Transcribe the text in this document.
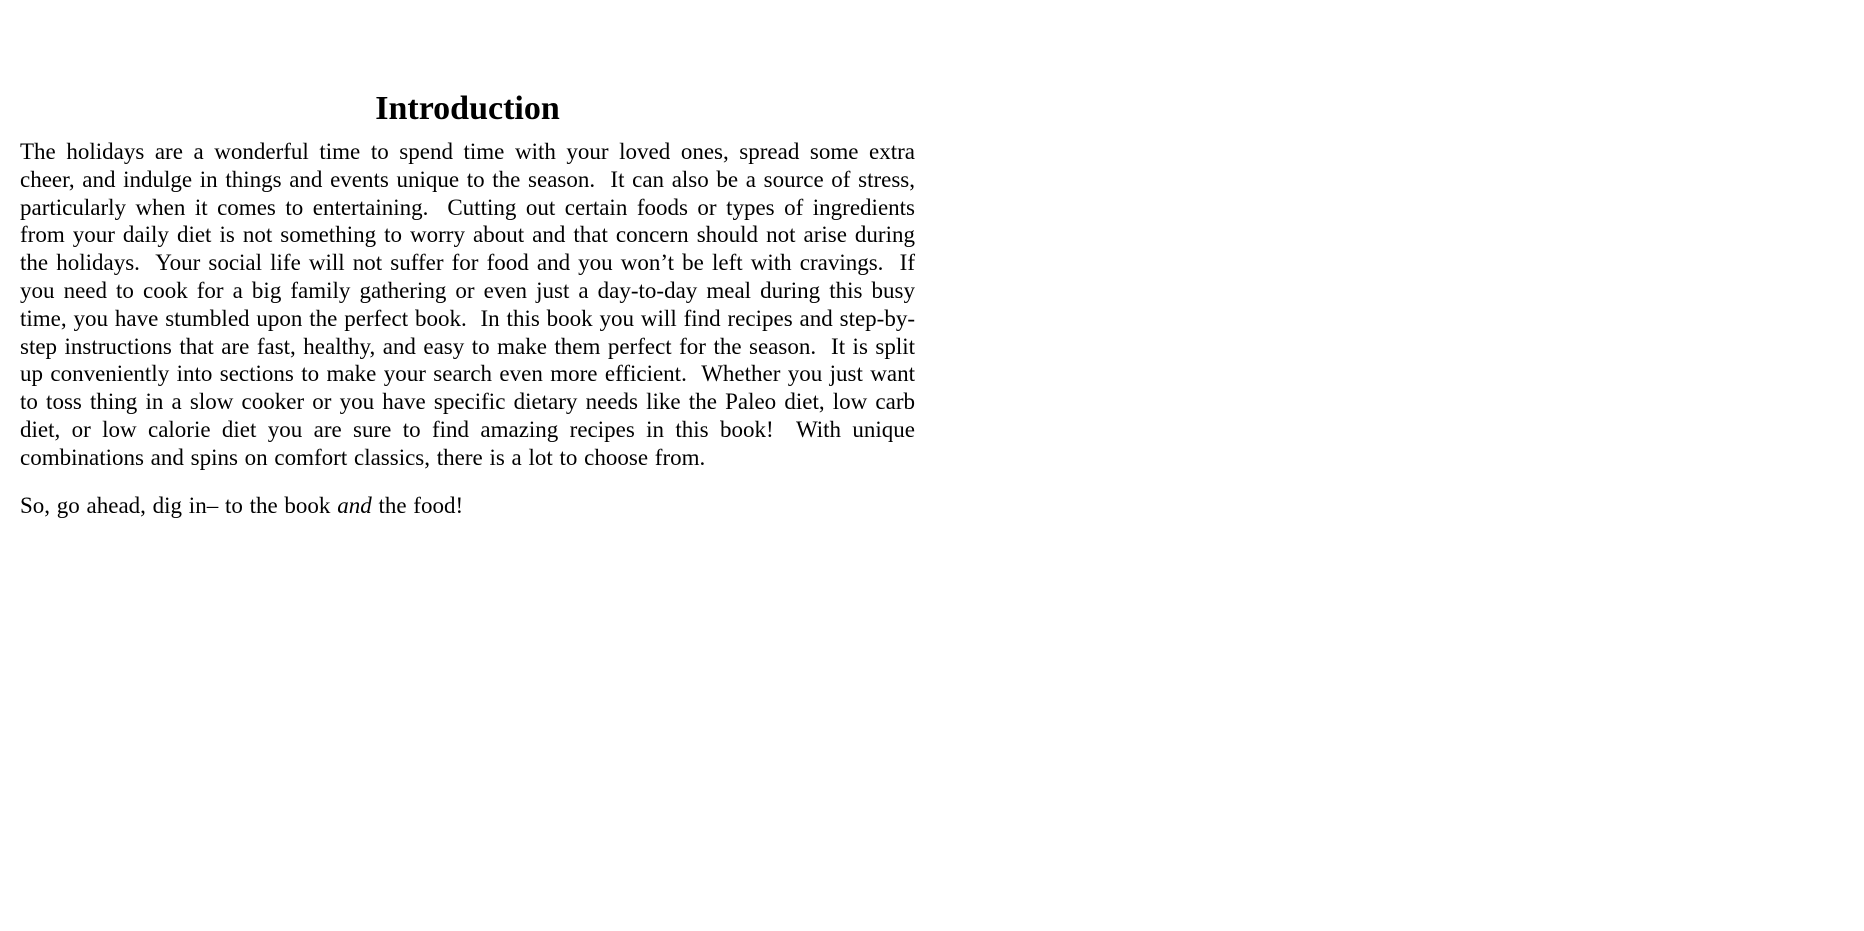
Introduction

The holidays are a wonderful time to spend time with your loved ones, spread some extra cheer, and indulge in things and events unique to the season.  It can also be a source of stress, particularly when it comes to entertaining.  Cutting out certain foods or types of ingredients from your daily diet is not something to worry about and that concern should not arise during the holidays.  Your social life will not suffer for food and you won’t be left with cravings.  If you need to cook for a big family gathering or even just a day-to-day meal during this busy time, you have stumbled upon the perfect book.  In this book you will find recipes and step-by-step instructions that are fast, healthy, and easy to make them perfect for the season.  It is split up conveniently into sections to make your search even more efficient.  Whether you just want to toss thing in a slow cooker or you have specific dietary needs like the Paleo diet, low carb diet, or low calorie diet you are sure to find amazing recipes in this book!  With unique combinations and spins on comfort classics, there is a lot to choose from.

So, go ahead, dig in– to the book and the food!
